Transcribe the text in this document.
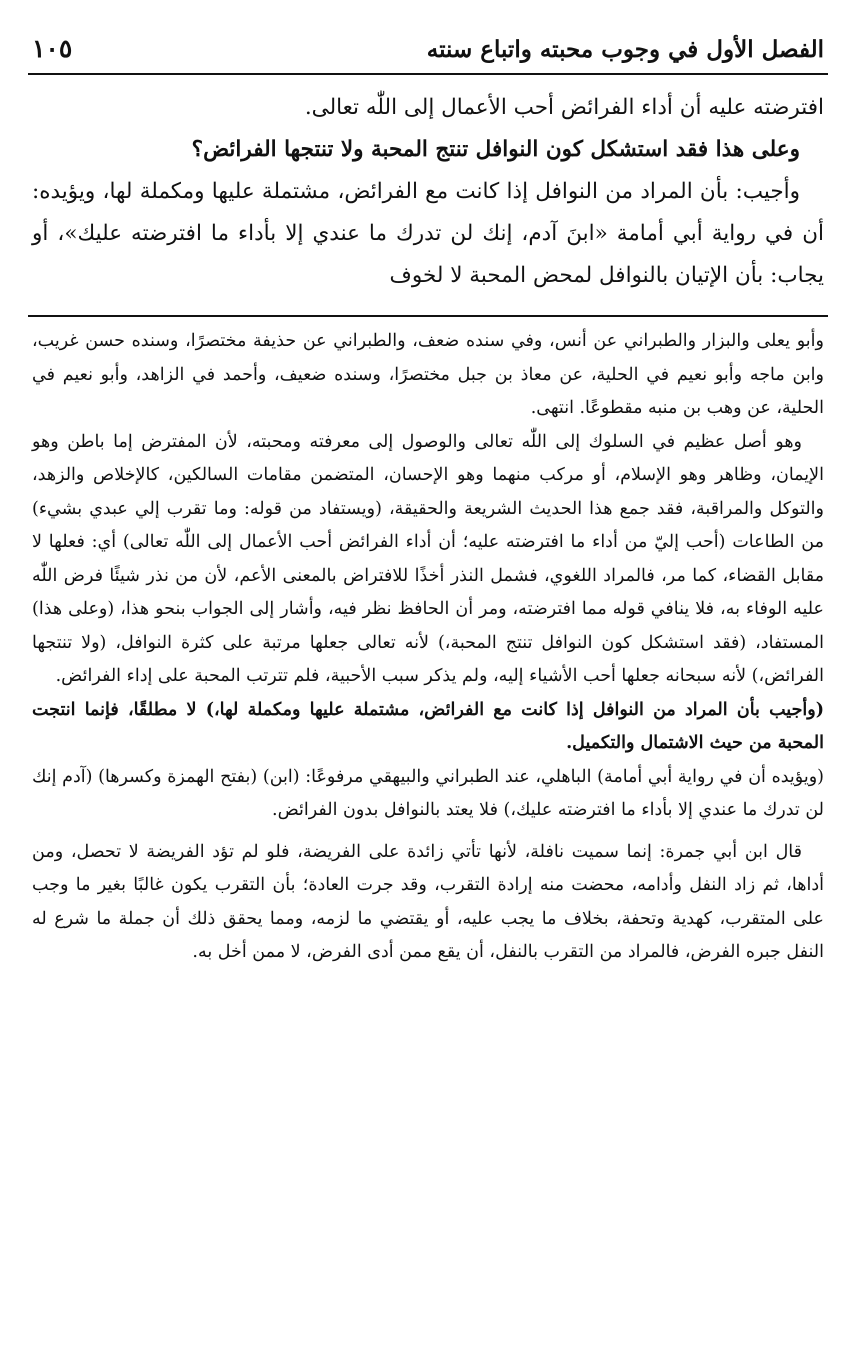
الفصل الأول في وجوب محبته واتباع سنته
١٠٥

افترضته عليه أن أداء الفرائض أحب الأعمال إلى اللّٰه تعالى.

وعلى هذا فقد استشكل كون النوافل تنتج المحبة ولا تنتجها الفرائض؟

وأجيب: بأن المراد من النوافل إذا كانت مع الفرائض، مشتملة عليها ومكملة لها، ويؤيده: أن في رواية أبي أمامة «ابنَ آدم، إنك لن تدرك ما عندي إلا بأداء ما افترضته عليك»، أو يجاب: بأن الإتيان بالنوافل لمحض المحبة لا لخوف

وأبو يعلى والبزار والطبراني عن أنس، وفي سنده ضعف، والطبراني عن حذيفة مختصرًا، وسنده حسن غريب، وابن ماجه وأبو نعيم في الحلية، عن معاذ بن جبل مختصرًا، وسنده ضعيف، وأحمد في الزاهد، وأبو نعيم في الحلية، عن وهب بن منبه مقطوعًا. انتهى.

وهو أصل عظيم في السلوك إلى اللّٰه تعالى والوصول إلى معرفته ومحبته، لأن المفترض إما باطن وهو الإيمان، وظاهر وهو الإسلام، أو مركب منهما وهو الإحسان، المتضمن مقامات السالكين، كالإخلاص والزهد، والتوكل والمراقبة، فقد جمع هذا الحديث الشريعة والحقيقة، (ويستفاد من قوله: وما تقرب إلي عبدي بشيء) من الطاعات (أحب إليّ من أداء ما افترضته عليه؛ أن أداء الفرائض أحب الأعمال إلى اللّٰه تعالى) أي: فعلها لا مقابل القضاء، كما مر، فالمراد اللغوي، فشمل النذر أخذًا للافتراض بالمعنى الأعم، لأن من نذر شيئًا فرض اللّٰه عليه الوفاء به، فلا ينافي قوله مما افترضته، ومر أن الحافظ نظر فيه، وأشار إلى الجواب بنحو هذا، (وعلى هذا) المستفاد، (فقد استشكل كون النوافل تنتج المحبة،) لأنه تعالى جعلها مرتبة على كثرة النوافل، (ولا تنتجها الفرائض،) لأنه سبحانه جعلها أحب الأشياء إليه، ولم يذكر سبب الأحبية، فلم تترتب المحبة على إداء الفرائض.

(وأجيب بأن المراد من النوافل إذا كانت مع الفرائض، مشتملة عليها ومكملة لها،) لا مطلقًا، فإنما انتجت المحبة من حيث الاشتمال والتكميل.

(ويؤيده أن في رواية أبي أمامة) الباهلي، عند الطبراني والبيهقي مرفوعًا: (ابن) (بفتح الهمزة وكسرها) (آدم إنك لن تدرك ما عندي إلا بأداء ما افترضته عليك،) فلا يعتد بالنوافل بدون الفرائض.

قال ابن أبي جمرة: إنما سميت نافلة، لأنها تأتي زائدة على الفريضة، فلو لم تؤد الفريضة لا تحصل، ومن أداها، ثم زاد النفل وأدامه، محضت منه إرادة التقرب، وقد جرت العادة؛ بأن التقرب يكون غالبًا بغير ما وجب على المتقرب، كهدية وتحفة، بخلاف ما يجب عليه، أو يقتضي ما لزمه، ومما يحقق ذلك أن جملة ما شرع له النفل جبره الفرض، فالمراد من التقرب بالنفل، أن يقع ممن أدى الفرض، لا ممن أخل به.
